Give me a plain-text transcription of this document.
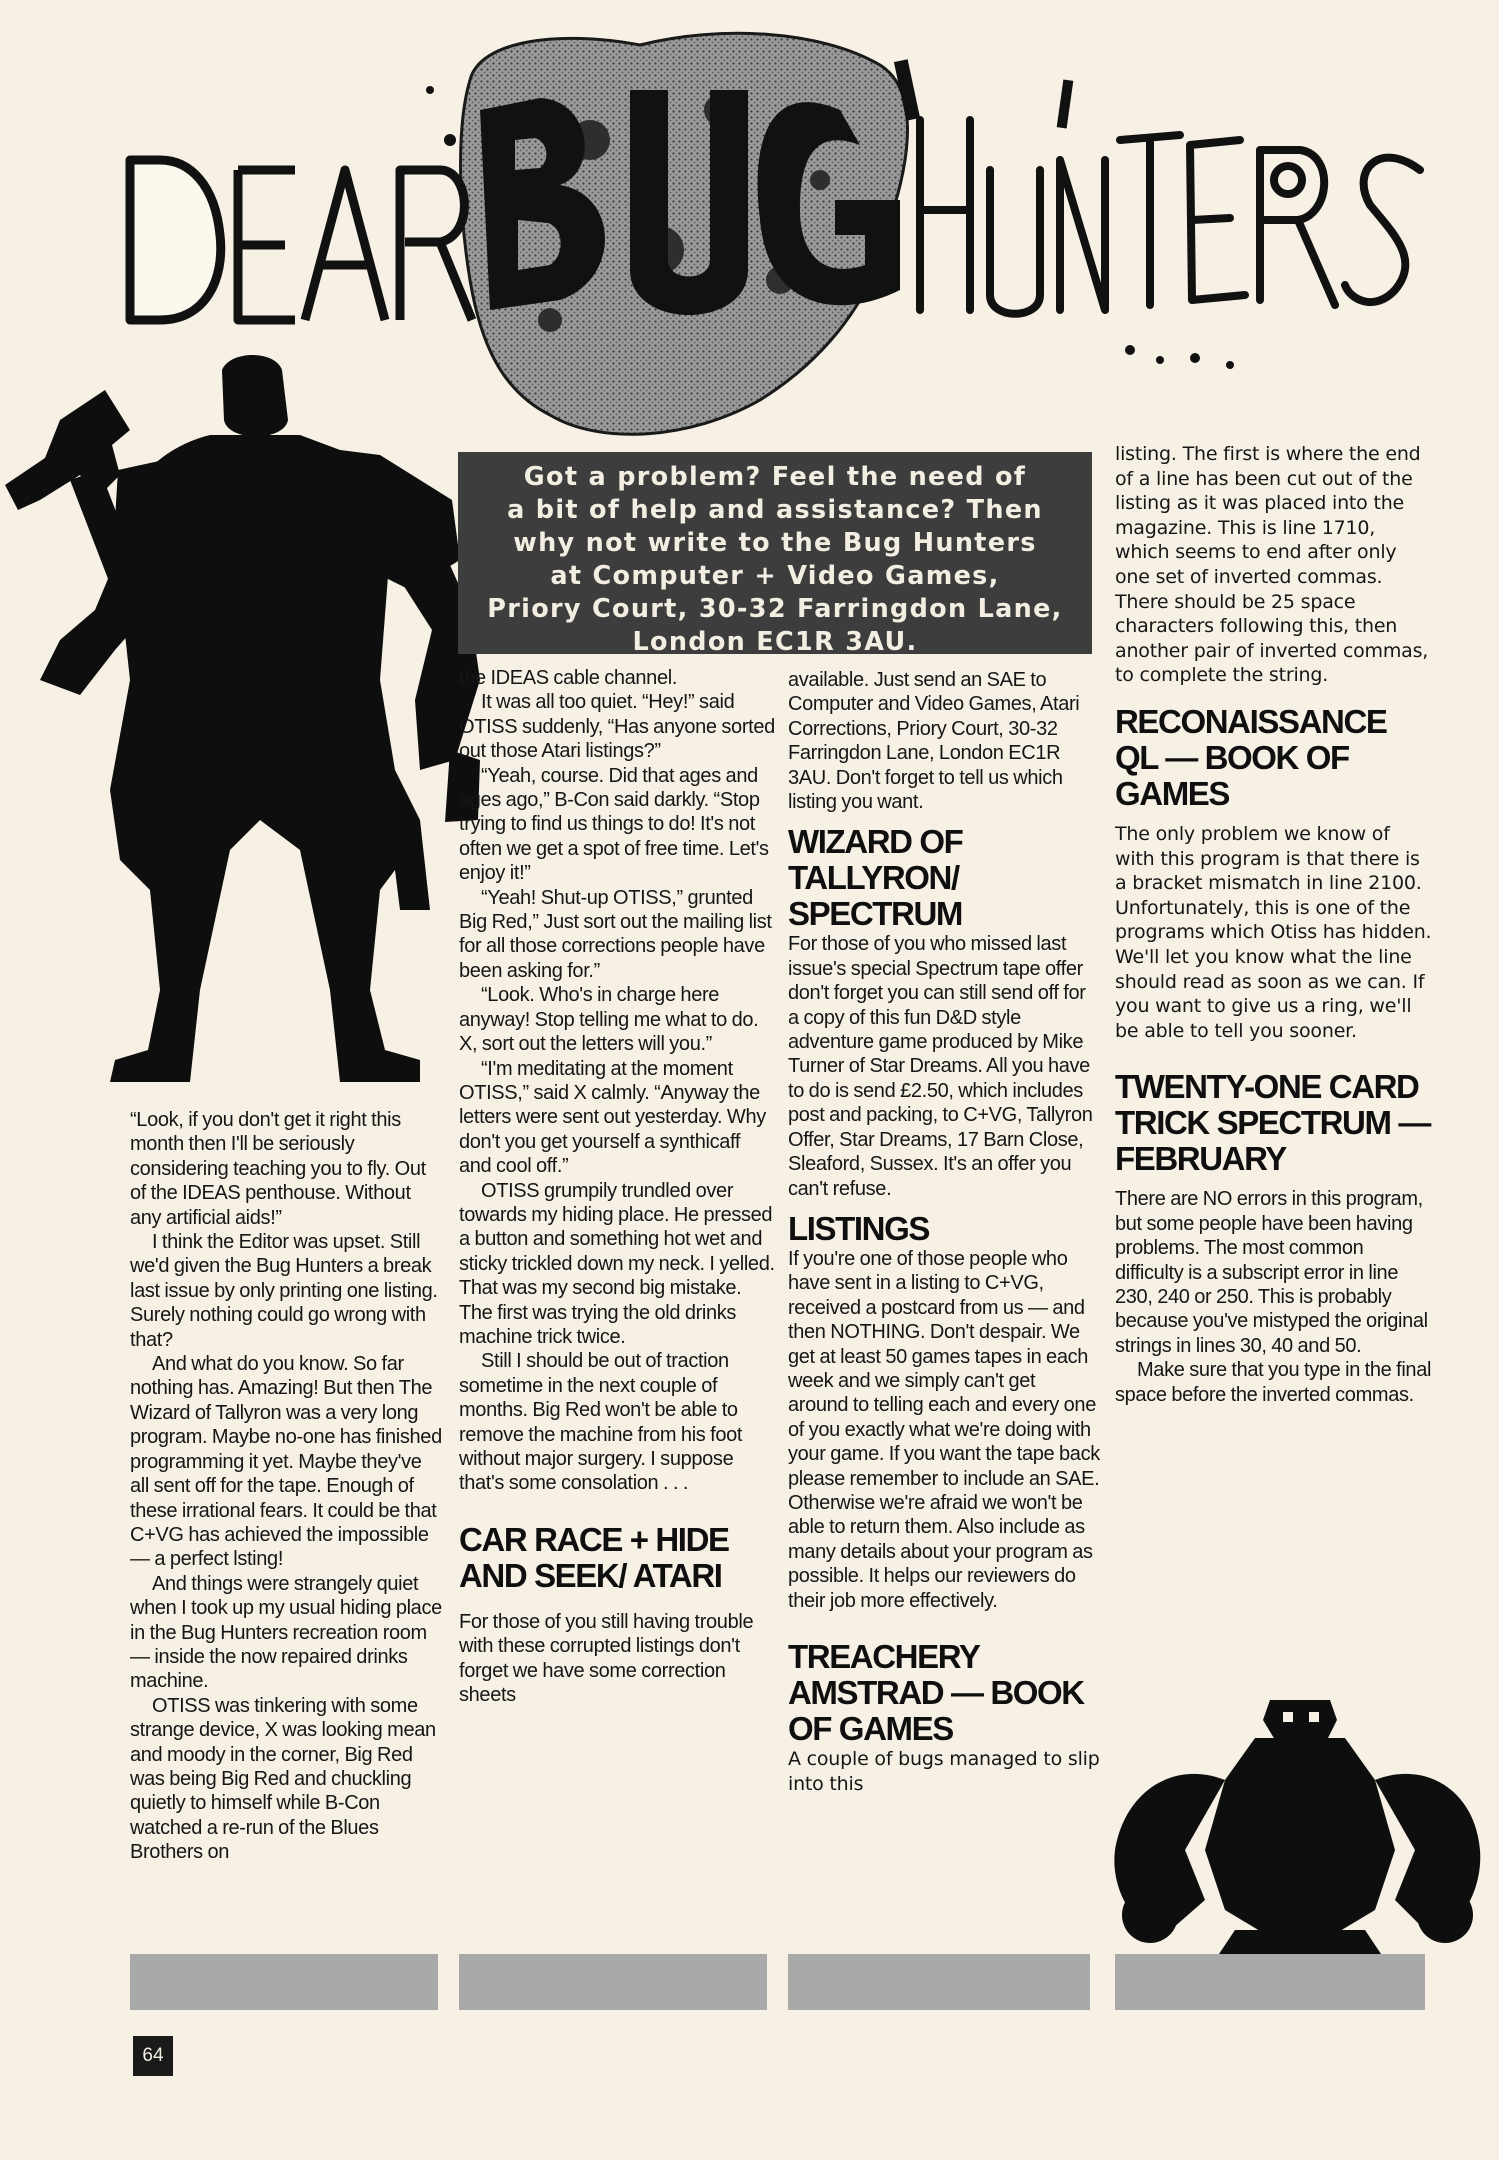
Got a problem? Feel the need of
a bit of help and assistance? Then
why not write to the Bug Hunters
at Computer + Video Games,
Priory Court, 30-32 Farringdon Lane,
London EC1R 3AU.

“Look, if you don't get it right this month then I'll be seriously considering teaching you to fly. Out of the IDEAS penthouse. Without any artificial aids!”

I think the Editor was upset. Still we'd given the Bug Hunters a break last issue by only printing one listing. Surely nothing could go wrong with that?

And what do you know. So far nothing has. Amazing! But then The Wizard of Tallyron was a very long program. Maybe no-one has finished programming it yet. Maybe they've all sent off for the tape. Enough of these irrational fears. It could be that C+VG has achieved the impossible — a perfect lsting!

And things were strangely quiet when I took up my usual hiding place in the Bug Hunters recreation room — inside the now repaired drinks machine.

OTISS was tinkering with some strange device, X was looking mean and moody in the corner, Big Red was being Big Red and chuckling quietly to himself while B-Con watched a re-run of the Blues Brothers on

the IDEAS cable channel.

It was all too quiet. “Hey!” said OTISS suddenly, “Has anyone sorted out those Atari listings?”

“Yeah, course. Did that ages and ages ago,” B-Con said darkly. “Stop trying to find us things to do! It's not often we get a spot of free time. Let's enjoy it!”

“Yeah! Shut-up OTISS,” grunted Big Red,” Just sort out the mailing list for all those corrections people have been asking for.”

“Look. Who's in charge here anyway! Stop telling me what to do. X, sort out the letters will you.”

“I'm meditating at the moment OTISS,” said X calmly. “Anyway the letters were sent out yesterday. Why don't you get yourself a synthicaff and cool off.”

OTISS grumpily trundled over towards my hiding place. He pressed a button and something hot wet and sticky trickled down my neck. I yelled. That was my second big mistake. The first was trying the old drinks machine trick twice.

Still I should be out of traction sometime in the next couple of months. Big Red won't be able to remove the machine from his foot without major surgery. I suppose that's some consolation . . .

CAR RACE + HIDE AND SEEK/ ATARI

For those of you still having trouble with these corrupted listings don't forget we have some correction sheets

available. Just send an SAE to Computer and Video Games, Atari Corrections, Priory Court, 30-32 Farringdon Lane, London EC1R 3AU. Don't forget to tell us which listing you want.

WIZARD OF TALLYRON/ SPECTRUM

For those of you who missed last issue's special Spectrum tape offer don't forget you can still send off for a copy of this fun D&D style adventure game produced by Mike Turner of Star Dreams. All you have to do is send £2.50, which includes post and packing, to C+VG, Tallyron Offer, Star Dreams, 17 Barn Close, Sleaford, Sussex. It's an offer you can't refuse.

LISTINGS

If you're one of those people who have sent in a listing to C+VG, received a postcard from us — and then NOTHING. Don't despair. We get at least 50 games tapes in each week and we simply can't get around to telling each and every one of you exactly what we're doing with your game. If you want the tape back please remember to include an SAE. Otherwise we're afraid we won't be able to return them. Also include as many details about your program as possible. It helps our reviewers do their job more effectively.

TREACHERY AMSTRAD — BOOK OF GAMES

A couple of bugs managed to slip into this

listing. The first is where the end of a line has been cut out of the listing as it was placed into the magazine. This is line 1710, which seems to end after only one set of inverted commas. There should be 25 space characters following this, then another pair of inverted commas, to complete the string.

RECONAISSANCE QL — BOOK OF GAMES

The only problem we know of with this program is that there is a bracket mismatch in line 2100. Unfortunately, this is one of the programs which Otiss has hidden. We'll let you know what the line should read as soon as we can. If you want to give us a ring, we'll be able to tell you sooner.

TWENTY-ONE CARD TRICK SPECTRUM — FEBRUARY

There are NO errors in this program, but some people have been having problems. The most common difficulty is a subscript error in line 230, 240 or 250. This is probably because you've mistyped the original strings in lines 30, 40 and 50.

Make sure that you type in the final space before the inverted commas.

64
